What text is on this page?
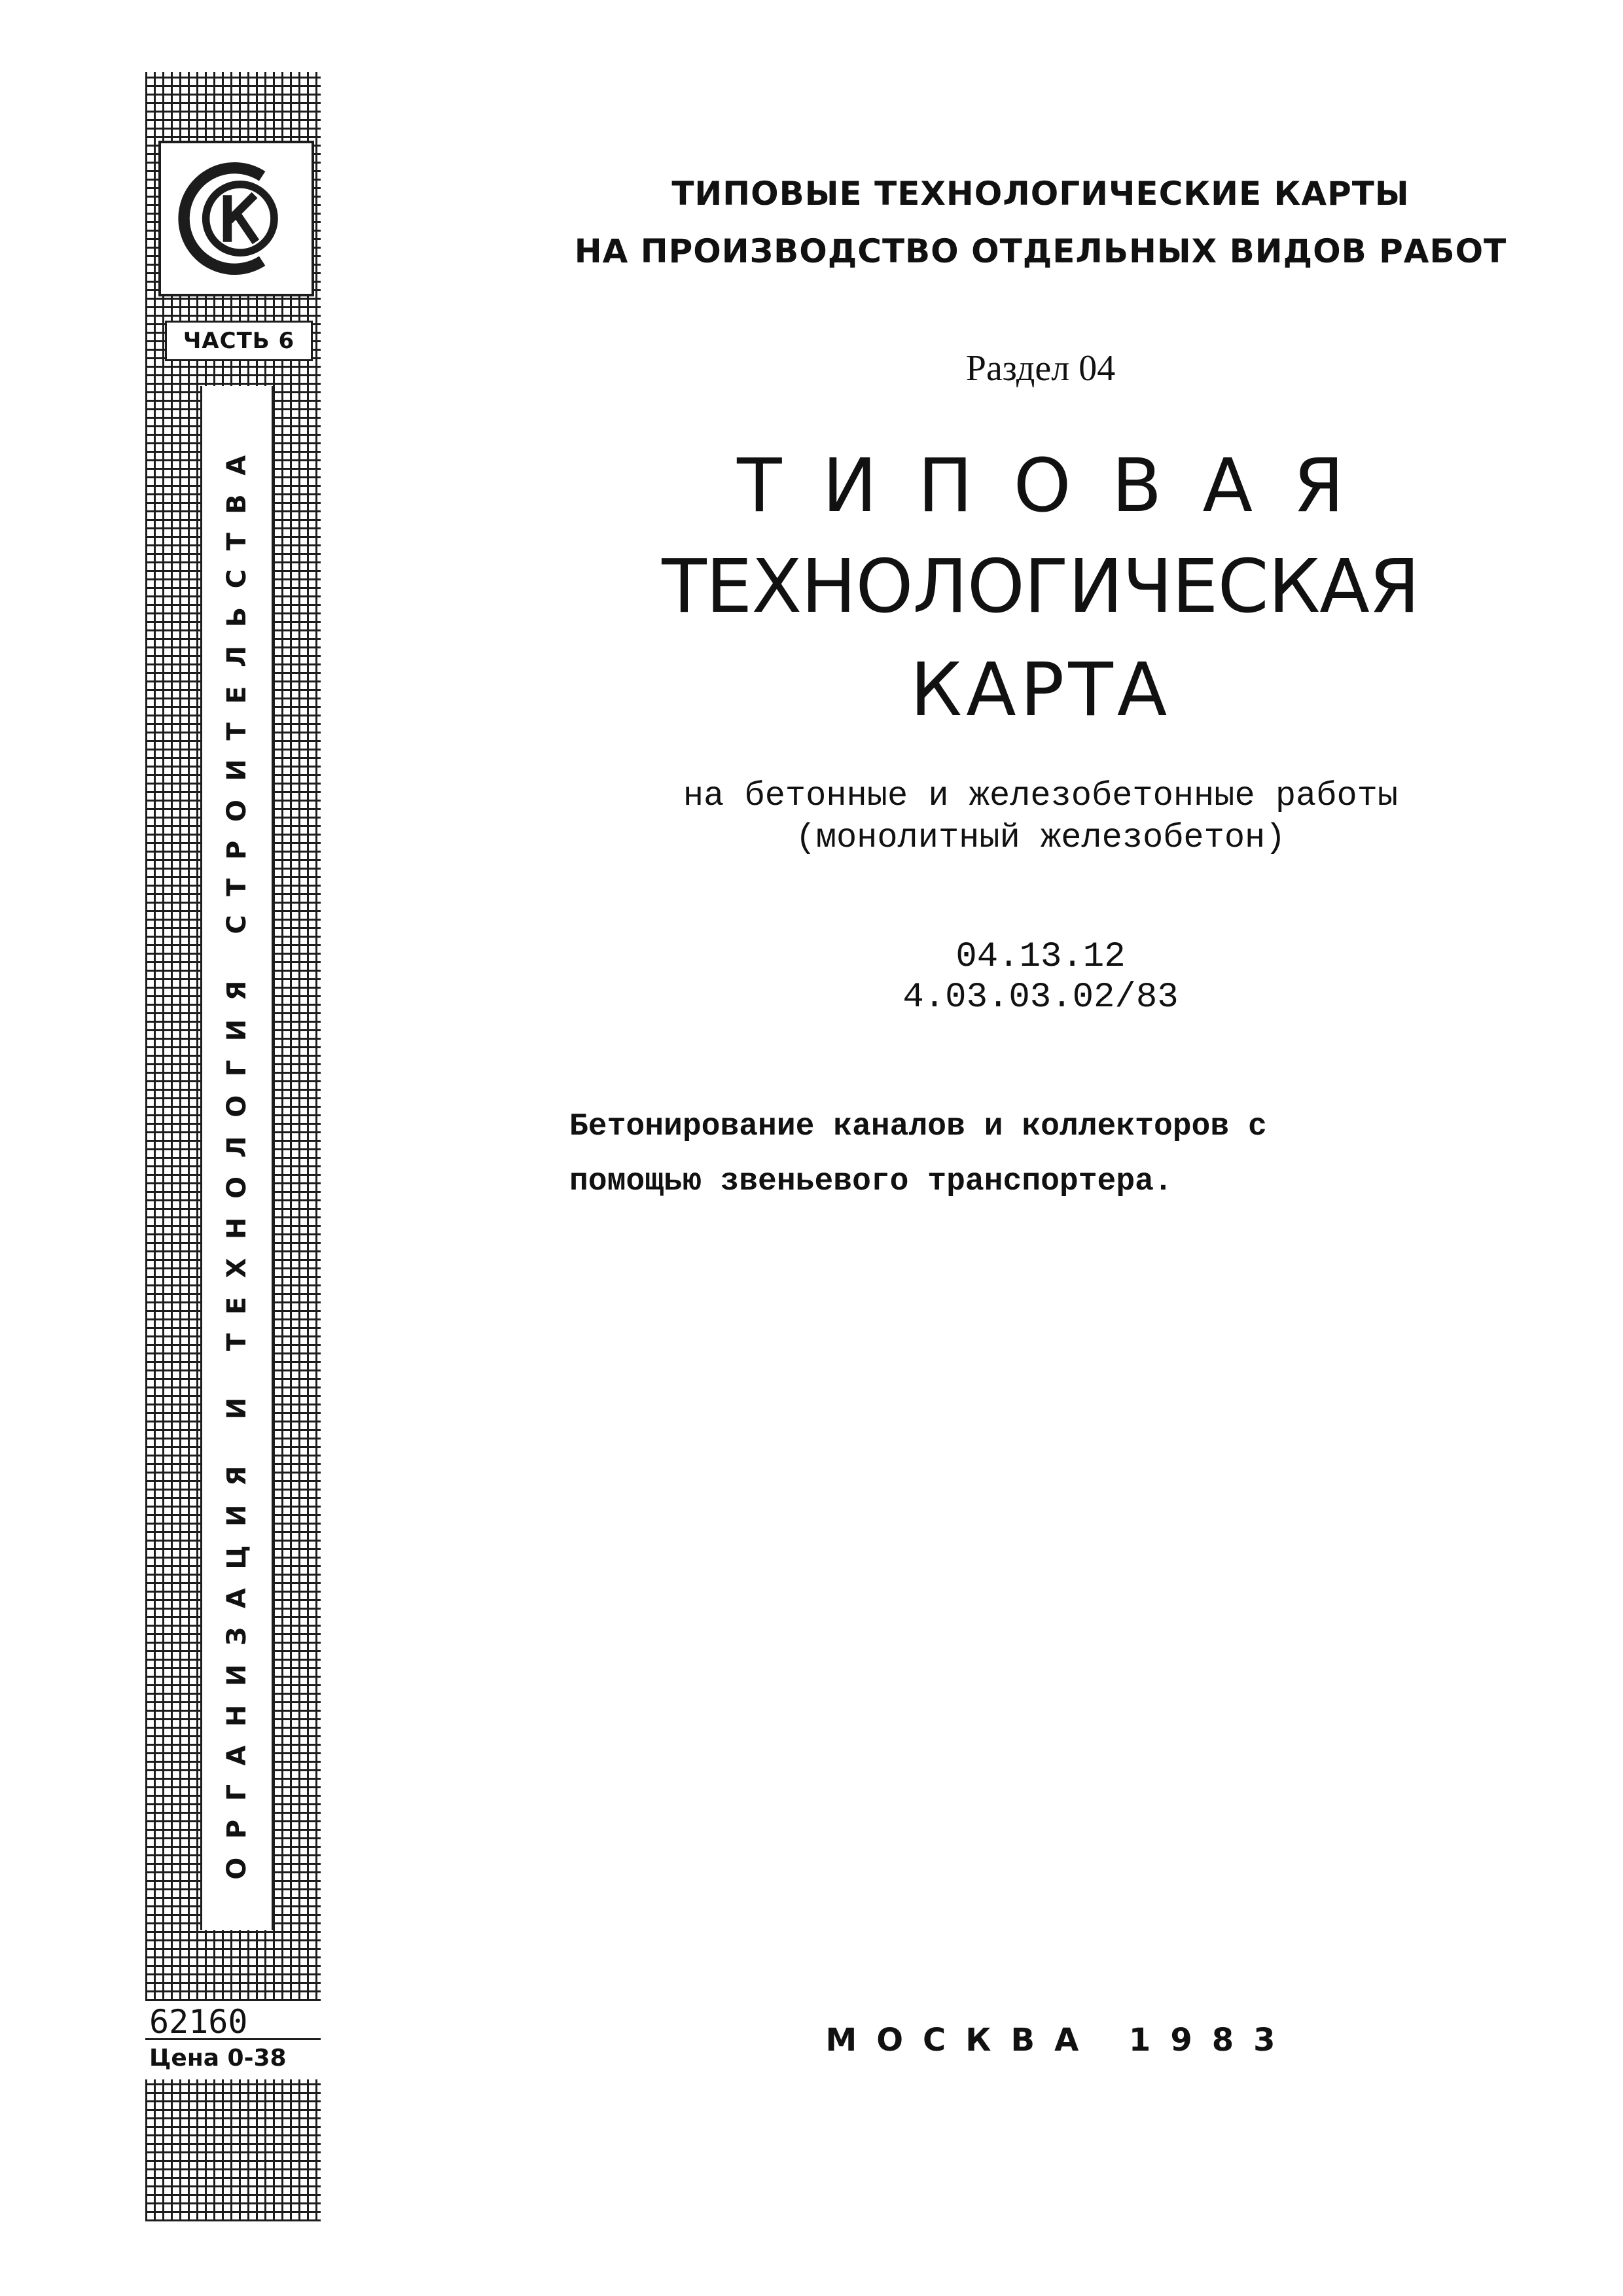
ЧАСТЬ 6
ОРГАНИЗАЦИЯ И ТЕХНОЛОГИЯ СТРОИТЕЛЬСТВА
62160
Цена 0-38
ТИПОВЫЕ ТЕХНОЛОГИЧЕСКИЕ КАРТЫ
НА ПРОИЗВОДСТВО ОТДЕЛЬНЫХ ВИДОВ РАБОТ
Раздел 04
ТИПОВАЯ
ТЕХНОЛОГИЧЕСКАЯ
КАРТА
на бетонные и железобетонные работы
(монолитный железобетон)
04.13.12
4.03.03.02/83
Бетонирование каналов и коллекторов с
помощью звеньевого транспортера.
МОСКВА 1983
